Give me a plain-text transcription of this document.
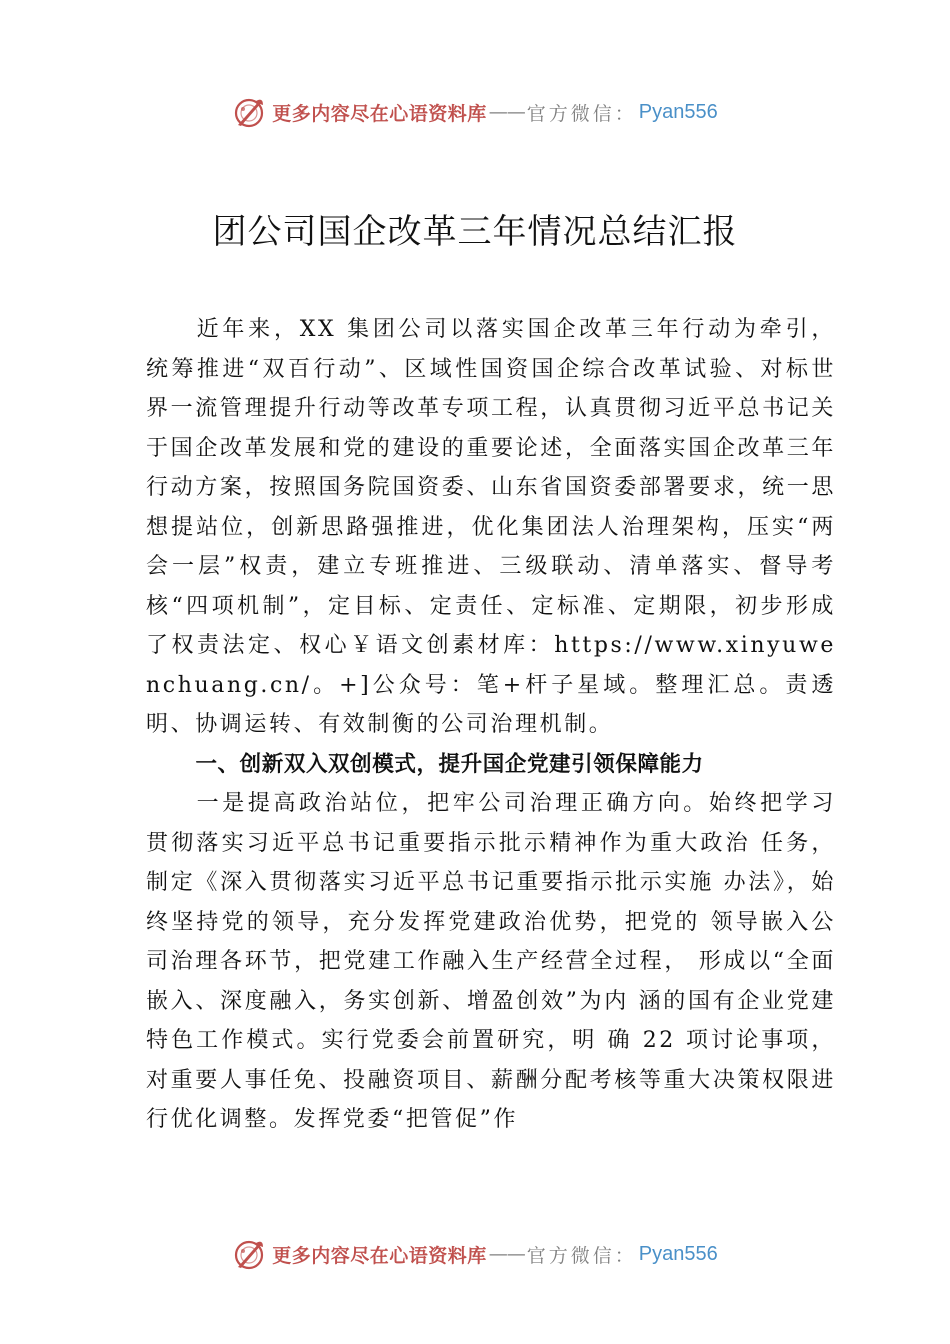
更多内容尽在心语资料库 —— 官方微信： Pyan556
团公司国企改革三年情况总结汇报

近年来，XX 集团公司以落实国企改革三年行动为牵引， 统筹推进“双百行动”、区域性国资国企综合改革试验、对标世界一流管理提升行动等改革专项工程，认真贯彻习近平总书记关于国企改革发展和党的建设的重要论述，全面落实国企改革三年行动方案，按照国务院国资委、山东省国资委部署要求，统一思想提站位，创新思路强推进，优化集团法人治理架构，压实“两会一层”权责，建立专班推进、三级联动、清单落实、督导考核“四项机制”，定目标、定责任、定标准、定期限，初步形成了权责法定、权心￥语文创素材库：https://www.xinyuwenchuang.cn/。+]公众号：笔+杆子星域。整理汇总。责透明、协调运转、有效制衡的公司治理机制。

一、创新双入双创模式，提升国企党建引领保障能力

一是提高政治站位，把牢公司治理正确方向。始终把学习贯彻落实习近平总书记重要指示批示精神作为重大政治 任务，制定《深入贯彻落实习近平总书记重要指示批示实施 办法》，始终坚持党的领导，充分发挥党建政治优势，把党的 领导嵌入公司治理各环节，把党建工作融入生产经营全过程， 形成以“全面嵌入、深度融入，务实创新、增盈创效”为内 涵的国有企业党建特色工作模式。实行党委会前置研究，明 确 22 项讨论事项，对重要人事任免、投融资项目、薪酬分配考核等重大决策权限进行优化调整。发挥党委“把管促”作

更多内容尽在心语资料库 —— 官方微信： Pyan556
